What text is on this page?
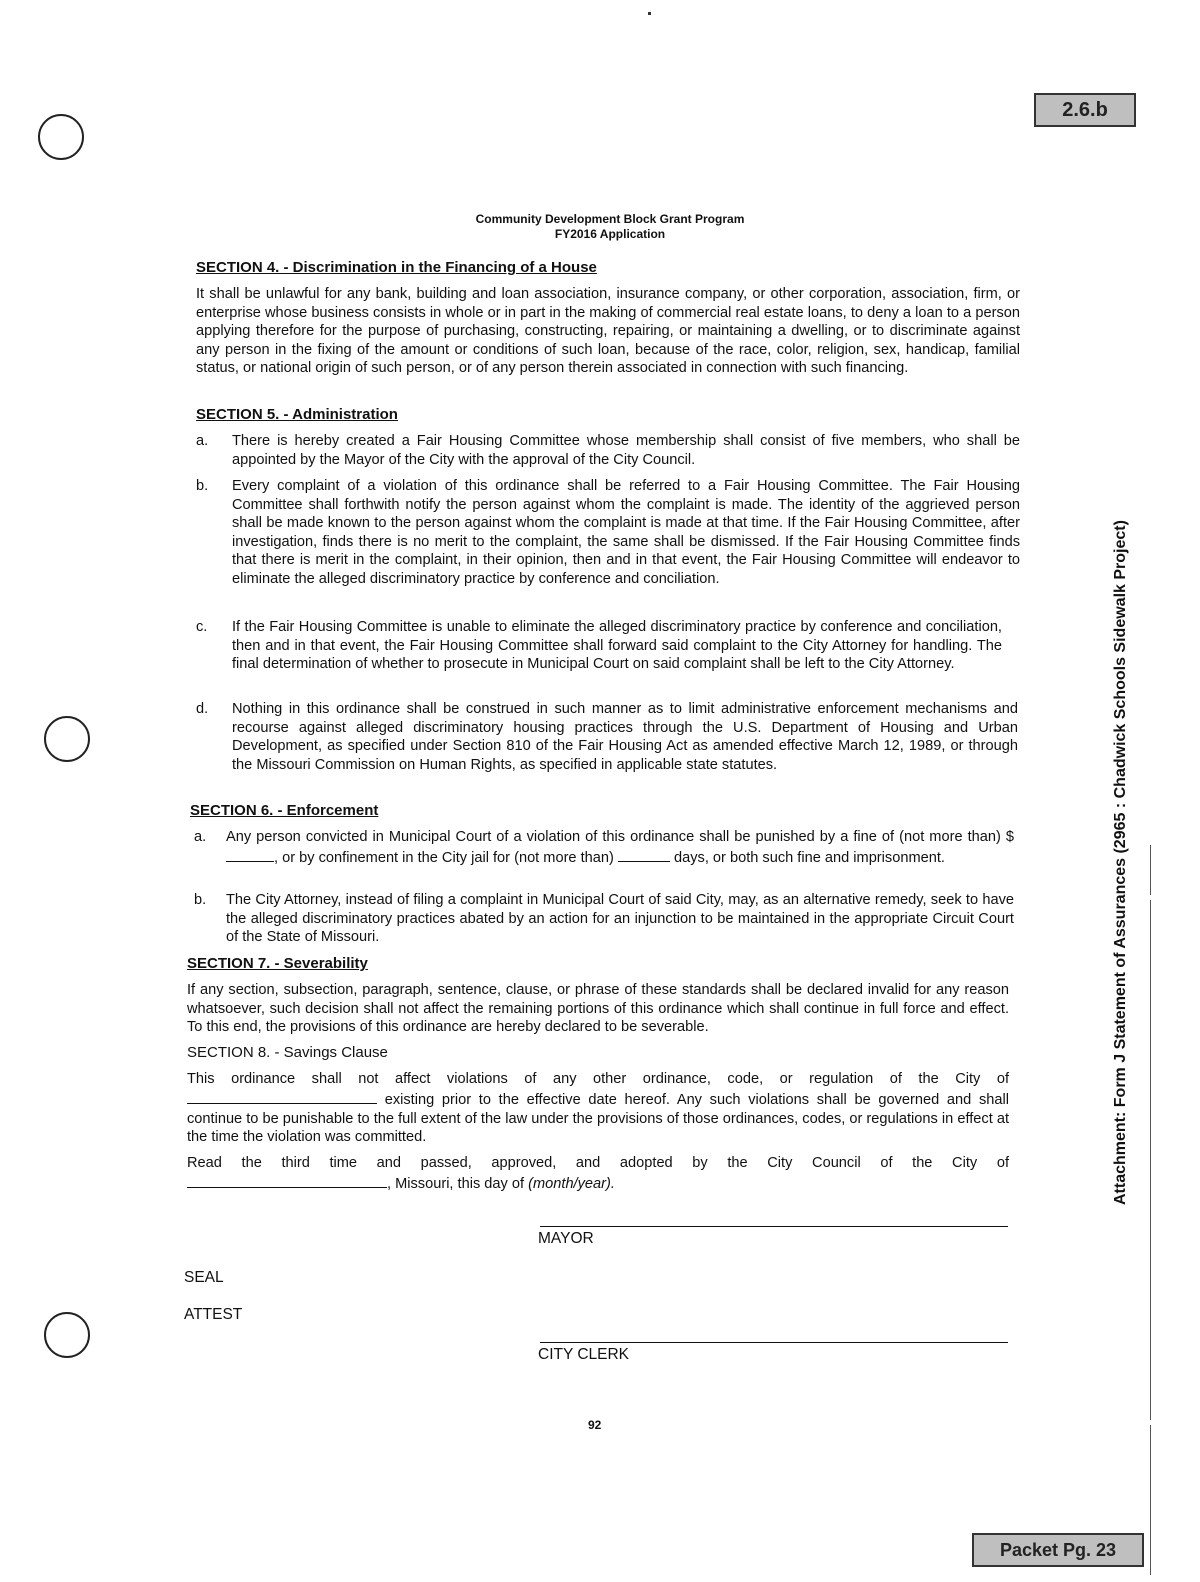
2.6.b
Community Development Block Grant Program
FY2016 Application
SECTION 4. - Discrimination in the Financing of a House
It shall be unlawful for any bank, building and loan association, insurance company, or other corporation, association, firm, or enterprise whose business consists in whole or in part in the making of commercial real estate loans, to deny a loan to a person applying therefore for the purpose of purchasing, constructing, repairing, or maintaining a dwelling, or to discriminate against any person in the fixing of the amount or conditions of such loan, because of the race, color, religion, sex, handicap, familial status, or national origin of such person, or of any person therein associated in connection with such financing.
SECTION 5. - Administration
a.	There is hereby created a Fair Housing Committee whose membership shall consist of five members, who shall be appointed by the Mayor of the City with the approval of the City Council.
b.	Every complaint of a violation of this ordinance shall be referred to a Fair Housing Committee. The Fair Housing Committee shall forthwith notify the person against whom the complaint is made. The identity of the aggrieved person shall be made known to the person against whom the complaint is made at that time. If the Fair Housing Committee, after investigation, finds there is no merit to the complaint, the same shall be dismissed. If the Fair Housing Committee finds that there is merit in the complaint, in their opinion, then and in that event, the Fair Housing Committee will endeavor to eliminate the alleged discriminatory practice by conference and conciliation.
c.	If the Fair Housing Committee is unable to eliminate the alleged discriminatory practice by conference and conciliation, then and in that event, the Fair Housing Committee shall forward said complaint to the City Attorney for handling. The final determination of whether to prosecute in Municipal Court on said complaint shall be left to the City Attorney.
d.	Nothing in this ordinance shall be construed in such manner as to limit administrative enforcement mechanisms and recourse against alleged discriminatory housing practices through the U.S. Department of Housing and Urban Development, as specified under Section 810 of the Fair Housing Act as amended effective March 12, 1989, or through the Missouri Commission on Human Rights, as specified in applicable state statutes.
SECTION 6. - Enforcement
a.	Any person convicted in Municipal Court of a violation of this ordinance shall be punished by a fine of (not more than) $, or by confinement in the City jail for (not more than)	days, or both such fine and imprisonment.
b.	The City Attorney, instead of filing a complaint in Municipal Court of said City, may, as an alternative remedy, seek to have the alleged discriminatory practices abated by an action for an injunction to be maintained in the appropriate Circuit Court of the State of Missouri.
SECTION 7. - Severability
If any section, subsection, paragraph, sentence, clause, or phrase of these standards shall be declared invalid for any reason whatsoever, such decision shall not affect the remaining portions of this ordinance which shall continue in full force and effect. To this end, the provisions of this ordinance are hereby declared to be severable.
SECTION 8. - Savings Clause
This ordinance shall not affect violations of any other ordinance, code, or regulation of the City of
existing prior to the effective date hereof. Any such violations shall be governed and shall continue to be punishable to the full extent of the law under the provisions of those ordinances, codes, or regulations in effect at the time the violation was committed.
Read the third time and passed, approved, and adopted by the City Council of the City of
, Missouri, this day of (month/year).
MAYOR
SEAL
ATTEST
CITY CLERK
92
Attachment: Form J Statement of Assurances (2965 : Chadwick Schools Sidewalk Project)
Packet Pg. 23
